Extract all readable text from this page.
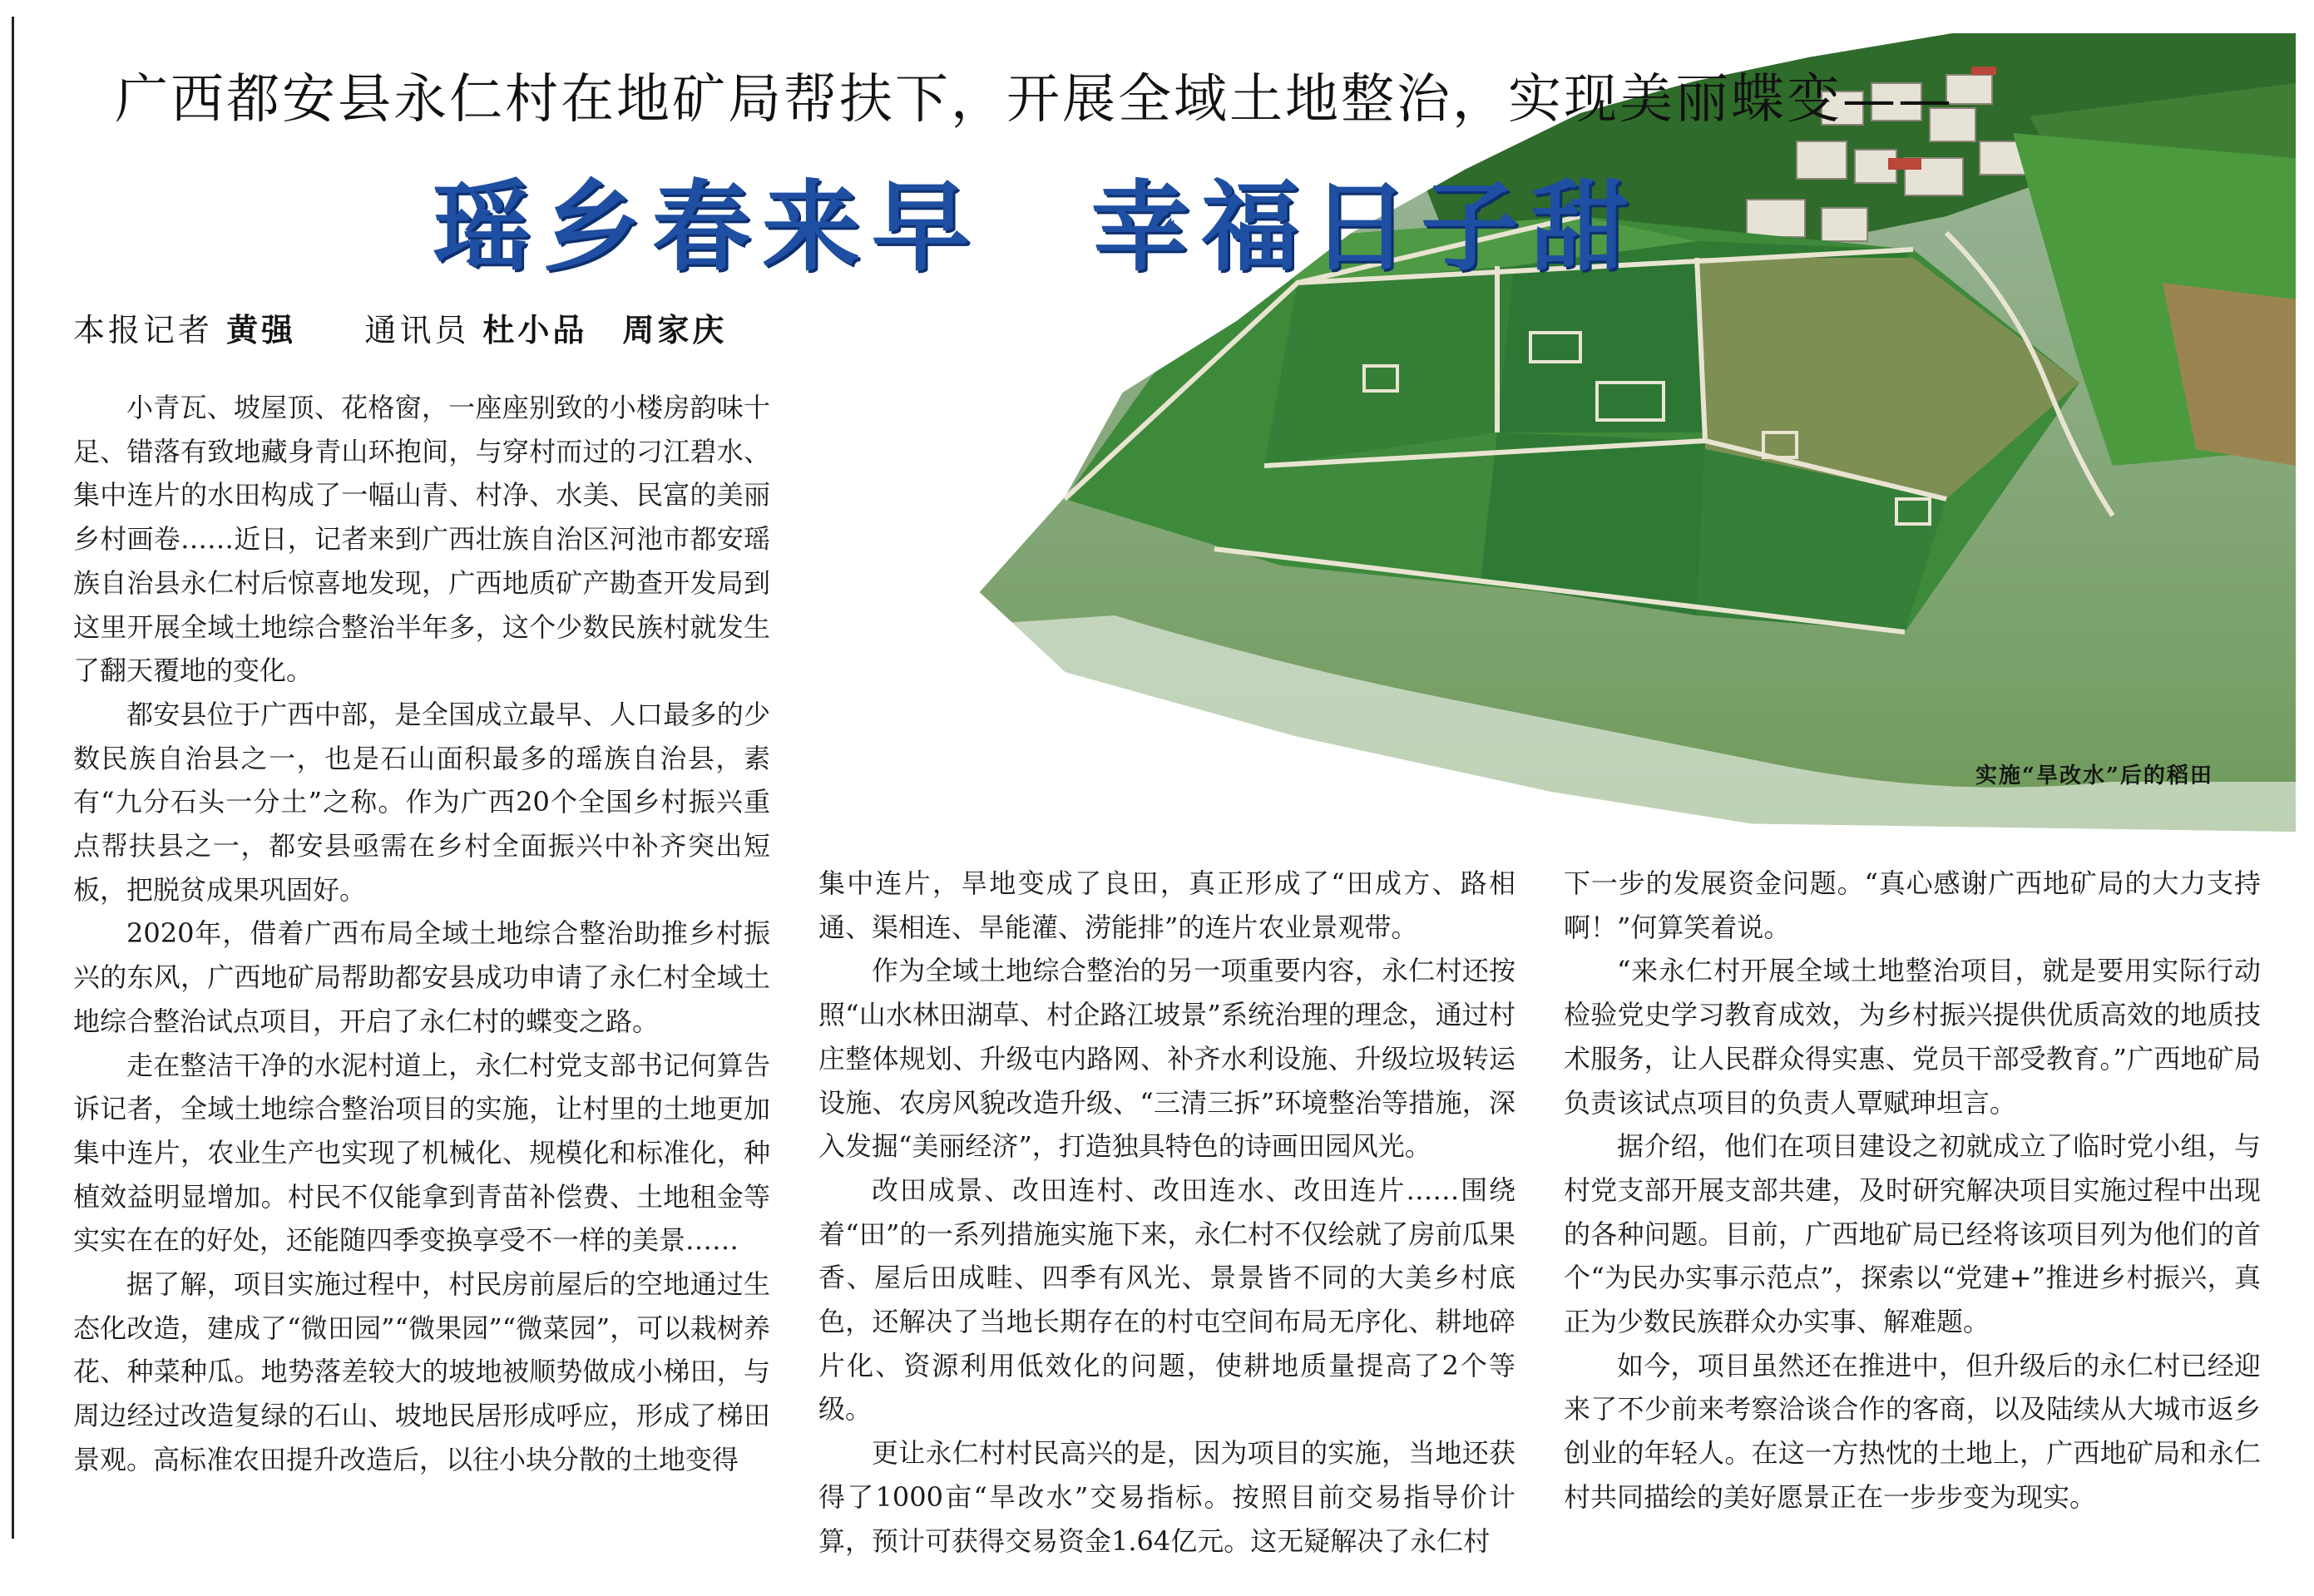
实施“旱改水”后的稻田
广西都安县永仁村在地矿局帮扶下，开展全域土地整治，实现美丽蝶变——
瑶乡春来早　幸福日子甜
本报记者 黄强 通讯员 杜小品　周家庆

小青瓦、坡屋顶、花格窗，一座座别致的小楼房韵味十足、错落有致地藏身青山环抱间，与穿村而过的刁江碧水、集中连片的水田构成了一幅山青、村净、水美、民富的美丽乡村画卷……近日，记者来到广西壮族自治区河池市都安瑶族自治县永仁村后惊喜地发现，广西地质矿产勘查开发局到这里开展全域土地综合整治半年多，这个少数民族村就发生了翻天覆地的变化。

都安县位于广西中部，是全国成立最早、人口最多的少数民族自治县之一，也是石山面积最多的瑶族自治县，素有“九分石头一分土”之称。作为广西20个全国乡村振兴重点帮扶县之一，都安县亟需在乡村全面振兴中补齐突出短板，把脱贫成果巩固好。

2020年，借着广西布局全域土地综合整治助推乡村振兴的东风，广西地矿局帮助都安县成功申请了永仁村全域土地综合整治试点项目，开启了永仁村的蝶变之路。

走在整洁干净的水泥村道上，永仁村党支部书记何算告诉记者，全域土地综合整治项目的实施，让村里的土地更加集中连片，农业生产也实现了机械化、规模化和标准化，种植效益明显增加。村民不仅能拿到青苗补偿费、土地租金等实实在在的好处，还能随四季变换享受不一样的美景……

据了解，项目实施过程中，村民房前屋后的空地通过生态化改造，建成了“微田园”“微果园”“微菜园”，可以栽树养花、种菜种瓜。地势落差较大的坡地被顺势做成小梯田，与周边经过改造复绿的石山、坡地民居形成呼应，形成了梯田景观。高标准农田提升改造后，以往小块分散的土地变得

集中连片，旱地变成了良田，真正形成了“田成方、路相通、渠相连、旱能灌、涝能排”的连片农业景观带。

作为全域土地综合整治的另一项重要内容，永仁村还按照“山水林田湖草、村企路江坡景”系统治理的理念，通过村庄整体规划、升级屯内路网、补齐水利设施、升级垃圾转运设施、农房风貌改造升级、“三清三拆”环境整治等措施，深入发掘“美丽经济”，打造独具特色的诗画田园风光。

改田成景、改田连村、改田连水、改田连片……围绕着“田”的一系列措施实施下来，永仁村不仅绘就了房前瓜果香、屋后田成畦、四季有风光、景景皆不同的大美乡村底色，还解决了当地长期存在的村屯空间布局无序化、耕地碎片化、资源利用低效化的问题，使耕地质量提高了2个等级。

更让永仁村村民高兴的是，因为项目的实施，当地还获得了1000亩“旱改水”交易指标。按照目前交易指导价计算，预计可获得交易资金1.64亿元。这无疑解决了永仁村

下一步的发展资金问题。“真心感谢广西地矿局的大力支持啊！”何算笑着说。

“来永仁村开展全域土地整治项目，就是要用实际行动检验党史学习教育成效，为乡村振兴提供优质高效的地质技术服务，让人民群众得实惠、党员干部受教育。”广西地矿局负责该试点项目的负责人覃赋珅坦言。

据介绍，他们在项目建设之初就成立了临时党小组，与村党支部开展支部共建，及时研究解决项目实施过程中出现的各种问题。目前，广西地矿局已经将该项目列为他们的首个“为民办实事示范点”，探索以“党建+”推进乡村振兴，真正为少数民族群众办实事、解难题。

如今，项目虽然还在推进中，但升级后的永仁村已经迎来了不少前来考察洽谈合作的客商，以及陆续从大城市返乡创业的年轻人。在这一方热忱的土地上，广西地矿局和永仁村共同描绘的美好愿景正在一步步变为现实。
